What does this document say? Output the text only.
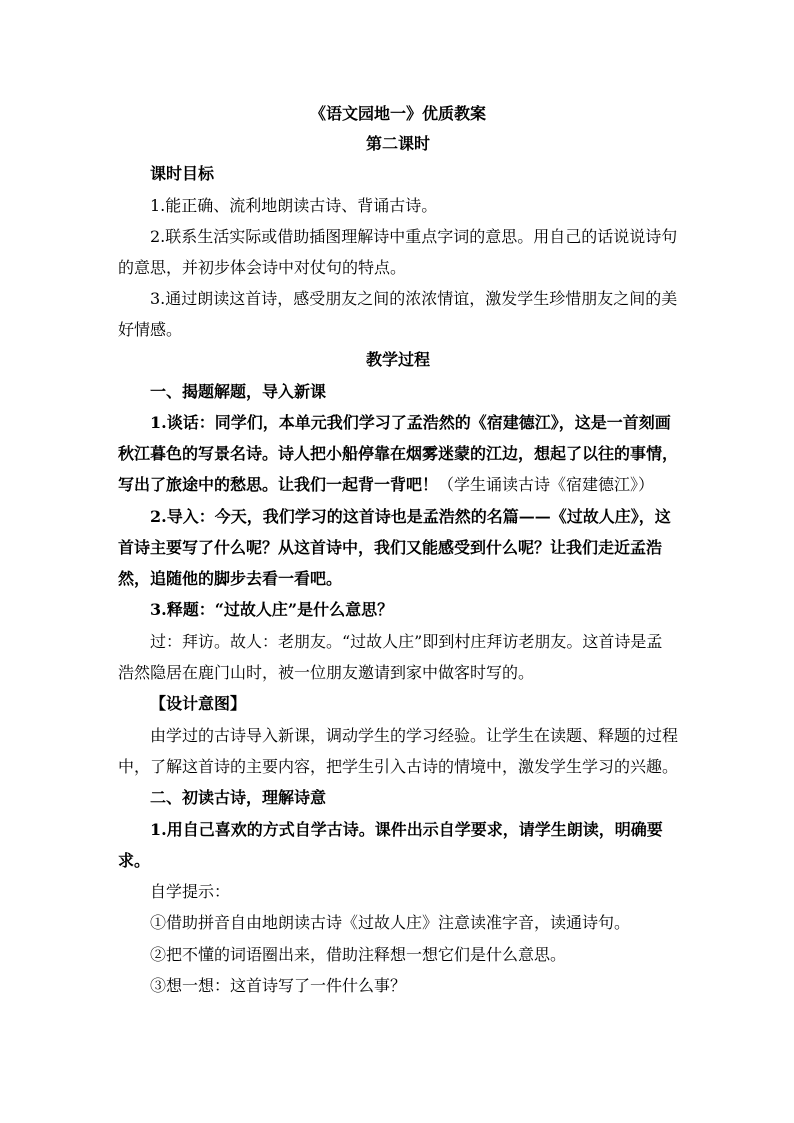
《语文园地一》优质教案
第二课时
课时目标
1.能正确、流利地朗读古诗、背诵古诗。
2.联系生活实际或借助插图理解诗中重点字词的意思。用自己的话说说诗句
的意思，并初步体会诗中对仗句的特点。
3.通过朗读这首诗，感受朋友之间的浓浓情谊，激发学生珍惜朋友之间的美
好情感。
教学过程
一、揭题解题，导入新课
1.谈话：同学们，本单元我们学习了孟浩然的《宿建德江》，这是一首刻画
秋江暮色的写景名诗。诗人把小船停靠在烟雾迷蒙的江边，想起了以往的事情，
写出了旅途中的愁思。让我们一起背一背吧！（学生诵读古诗《宿建德江》）
2.导入：今天，我们学习的这首诗也是孟浩然的名篇——《过故人庄》，这
首诗主要写了什么呢？从这首诗中，我们又能感受到什么呢？让我们走近孟浩
然，追随他的脚步去看一看吧。
3.释题：“过故人庄”是什么意思？
过：拜访。故人：老朋友。“过故人庄”即到村庄拜访老朋友。这首诗是孟
浩然隐居在鹿门山时，被一位朋友邀请到家中做客时写的。
【设计意图】
由学过的古诗导入新课，调动学生的学习经验。让学生在读题、释题的过程
中，了解这首诗的主要内容，把学生引入古诗的情境中，激发学生学习的兴趣。
二、初读古诗，理解诗意
1.用自己喜欢的方式自学古诗。课件出示自学要求，请学生朗读，明确要
求。
自学提示：
①借助拼音自由地朗读古诗《过故人庄》注意读准字音，读通诗句。
②把不懂的词语圈出来，借助注释想一想它们是什么意思。
③想一想：这首诗写了一件什么事？
